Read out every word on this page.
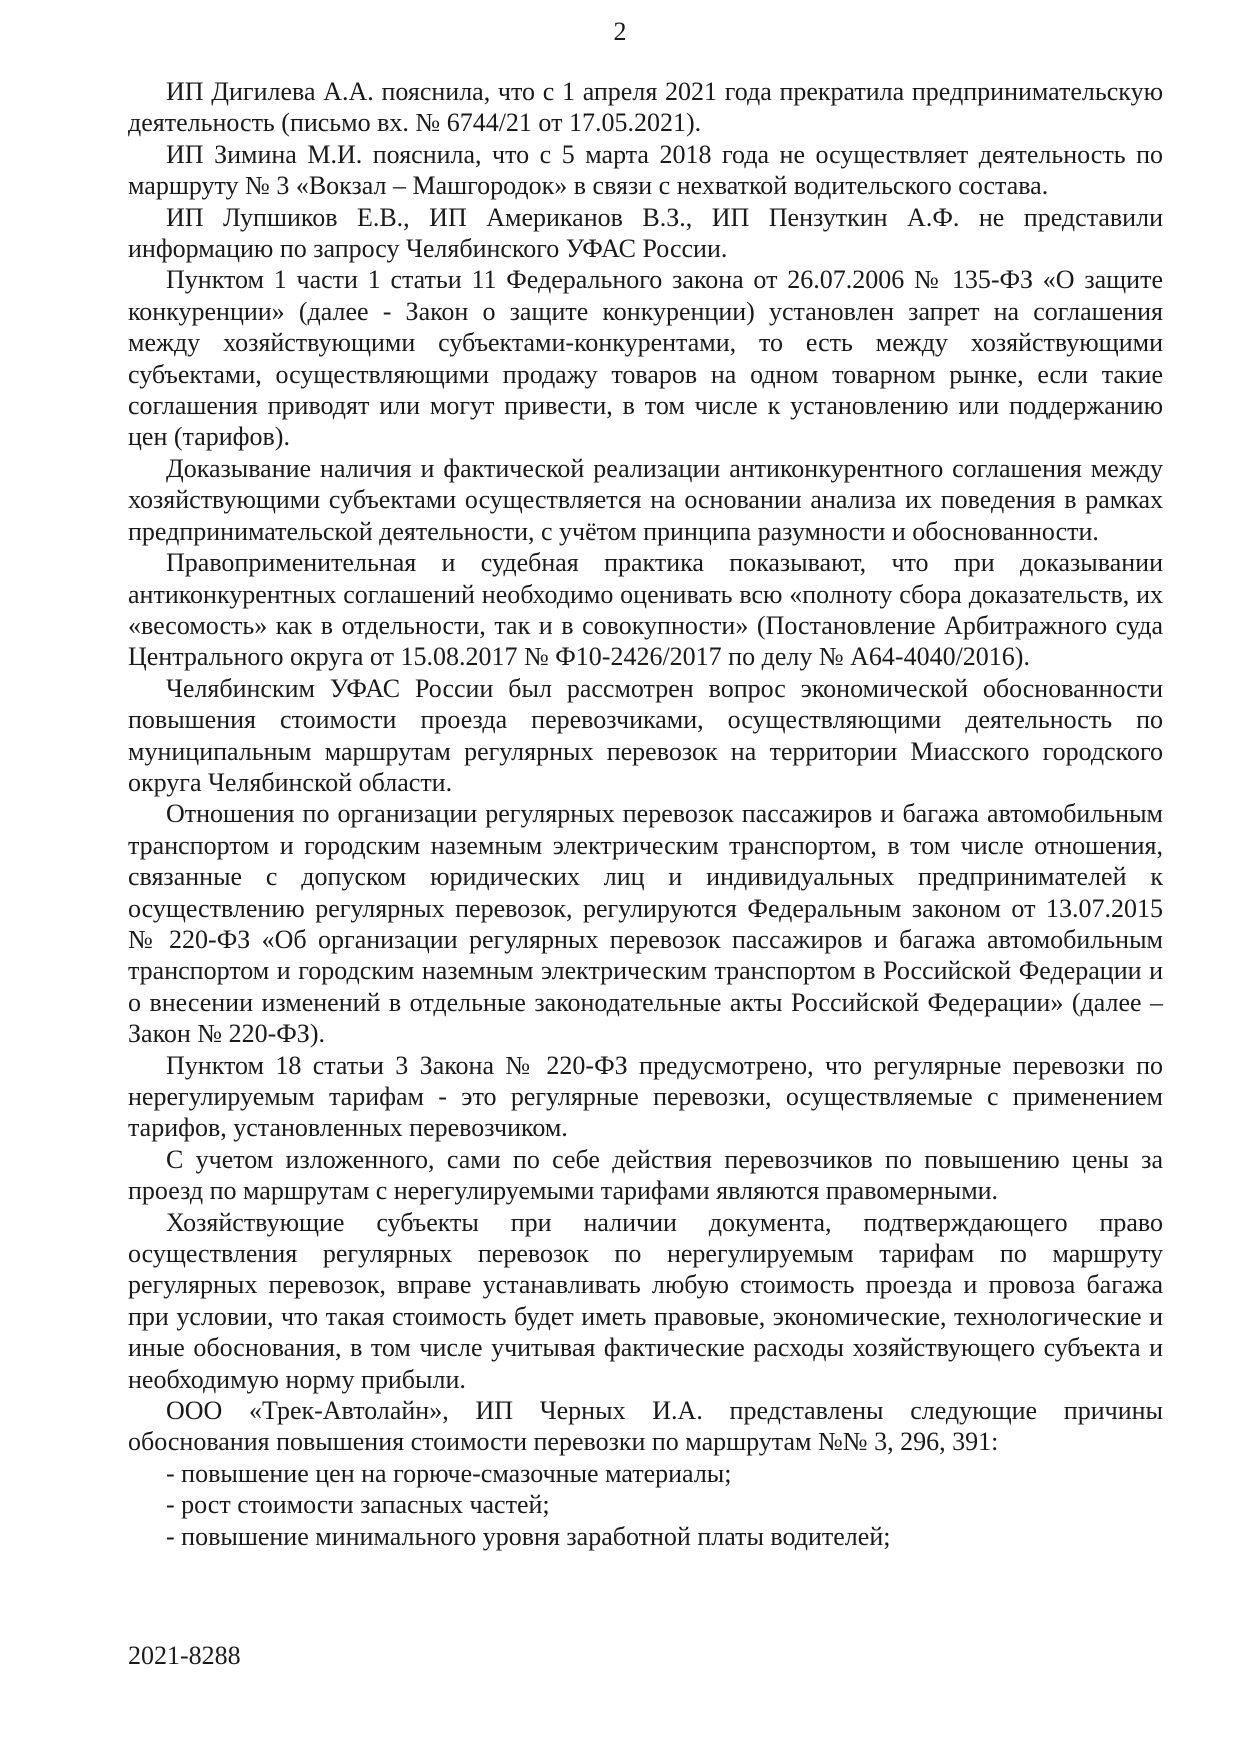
2

ИП Дигилева А.А. пояснила, что с 1 апреля 2021 года прекратила предпринимательскую деятельность (письмо вх. № 6744/21 от 17.05.2021).

ИП Зимина М.И. пояснила, что с 5 марта 2018 года не осуществляет деятельность по маршруту № 3 «Вокзал – Машгородок» в связи с нехваткой водительского состава.

ИП Лупшиков Е.В., ИП Американов В.З., ИП Пензуткин А.Ф. не представили информацию по запросу Челябинского УФАС России.

Пунктом 1 части 1 статьи 11 Федерального закона от 26.07.2006 № 135-ФЗ «О защите конкуренции» (далее - Закон о защите конкуренции) установлен запрет на соглашения между хозяйствующими субъектами-конкурентами, то есть между хозяйствующими субъектами, осуществляющими продажу товаров на одном товарном рынке, если такие соглашения приводят или могут привести, в том числе к установлению или поддержанию цен (тарифов).

Доказывание наличия и фактической реализации антиконкурентного соглашения между хозяйствующими субъектами осуществляется на основании анализа их поведения в рамках предпринимательской деятельности, с учётом принципа разумности и обоснованности.

Правоприменительная и судебная практика показывают, что при доказывании антиконкурентных соглашений необходимо оценивать всю «полноту сбора доказательств, их «весомость» как в отдельности, так и в совокупности» (Постановление Арбитражного суда Центрального округа от 15.08.2017 № Ф10-2426/2017 по делу № А64-4040/2016).

Челябинским УФАС России был рассмотрен вопрос экономической обоснованности повышения стоимости проезда перевозчиками, осуществляющими деятельность по муниципальным маршрутам регулярных перевозок на территории Миасского городского округа Челябинской области.

Отношения по организации регулярных перевозок пассажиров и багажа автомобильным транспортом и городским наземным электрическим транспортом, в том числе отношения, связанные с допуском юридических лиц и индивидуальных предпринимателей к осуществлению регулярных перевозок, регулируются Федеральным законом от 13.07.2015 № 220-ФЗ «Об организации регулярных перевозок пассажиров и багажа автомобильным транспортом и городским наземным электрическим транспортом в Российской Федерации и о внесении изменений в отдельные законодательные акты Российской Федерации» (далее – Закон № 220-ФЗ).

Пунктом 18 статьи 3 Закона № 220-ФЗ предусмотрено, что регулярные перевозки по нерегулируемым тарифам - это регулярные перевозки, осуществляемые с применением тарифов, установленных перевозчиком.

С учетом изложенного, сами по себе действия перевозчиков по повышению цены за проезд по маршрутам с нерегулируемыми тарифами являются правомерными.

Хозяйствующие субъекты при наличии документа, подтверждающего право осуществления регулярных перевозок по нерегулируемым тарифам по маршруту регулярных перевозок, вправе устанавливать любую стоимость проезда и провоза багажа при условии, что такая стоимость будет иметь правовые, экономические, технологические и иные обоснования, в том числе учитывая фактические расходы хозяйствующего субъекта и необходимую норму прибыли.

ООО «Трек-Автолайн», ИП Черных И.А. представлены следующие причины обоснования повышения стоимости перевозки по маршрутам №№ 3, 296, 391:

- повышение цен на горюче-смазочные материалы;

- рост стоимости запасных частей;

- повышение минимального уровня заработной платы водителей;

2021-8288
